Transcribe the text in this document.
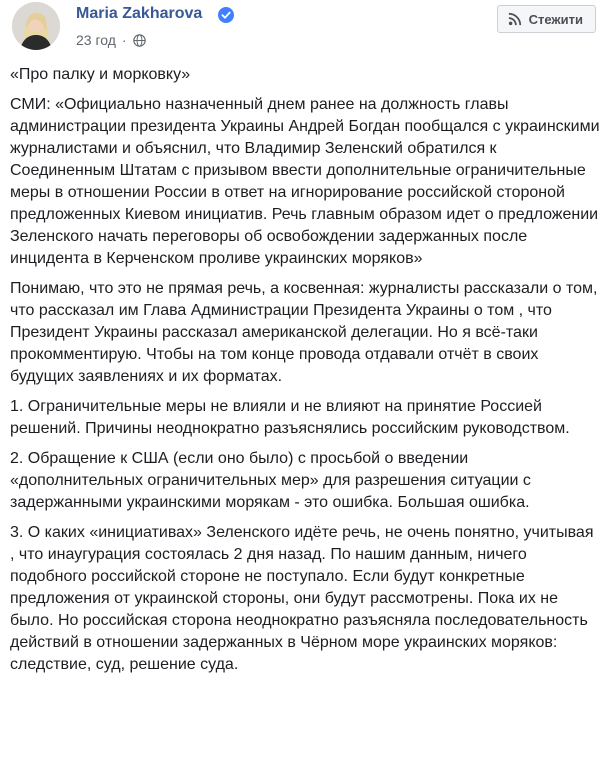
Maria Zakharova
23 год ·
Стежити

«Про палку и морковку»

СМИ: «Официально назначенный днем ранее на должность главы администрации президента Украины Андрей Богдан пообщался с украинскими журналистами и объяснил, что Владимир Зеленский обратился к Соединенным Штатам с призывом ввести дополнительные ограничительные меры в отношении России в ответ на игнорирование российской стороной предложенных Киевом инициатив. Речь главным образом идет о предложении Зеленского начать переговоры об освобождении задержанных после инцидента в Керченском проливе украинских моряков»

Понимаю, что это не прямая речь, а косвенная: журналисты рассказали о том, что рассказал им Глава Администрации Президента Украины о том , что Президент Украины рассказал американской делегации. Но я всё-таки прокомментирую. Чтобы на том конце провода отдавали отчёт в своих будущих заявлениях и их форматах.

1. Ограничительные меры не влияли и не влияют на принятие Россией решений. Причины неоднократно разъяснялись российским руководством.

2. Обращение к США (если оно было) с просьбой о введении «дополнительных ограничительных мер» для разрешения ситуации с задержанными украинскими морякам - это ошибка. Большая ошибка.

3. О каких «инициативах» Зеленского идёте речь, не очень понятно, учитывая , что инаугурация состоялась 2 дня назад. По нашим данным, ничего подобного российской стороне не поступало. Если будут конкретные предложения от украинской стороны, они будут рассмотрены. Пока их не было. Но российская сторона неоднократно разъясняла последовательность действий в отношении задержанных в Чёрном море украинских моряков: следствие, суд, решение суда.
